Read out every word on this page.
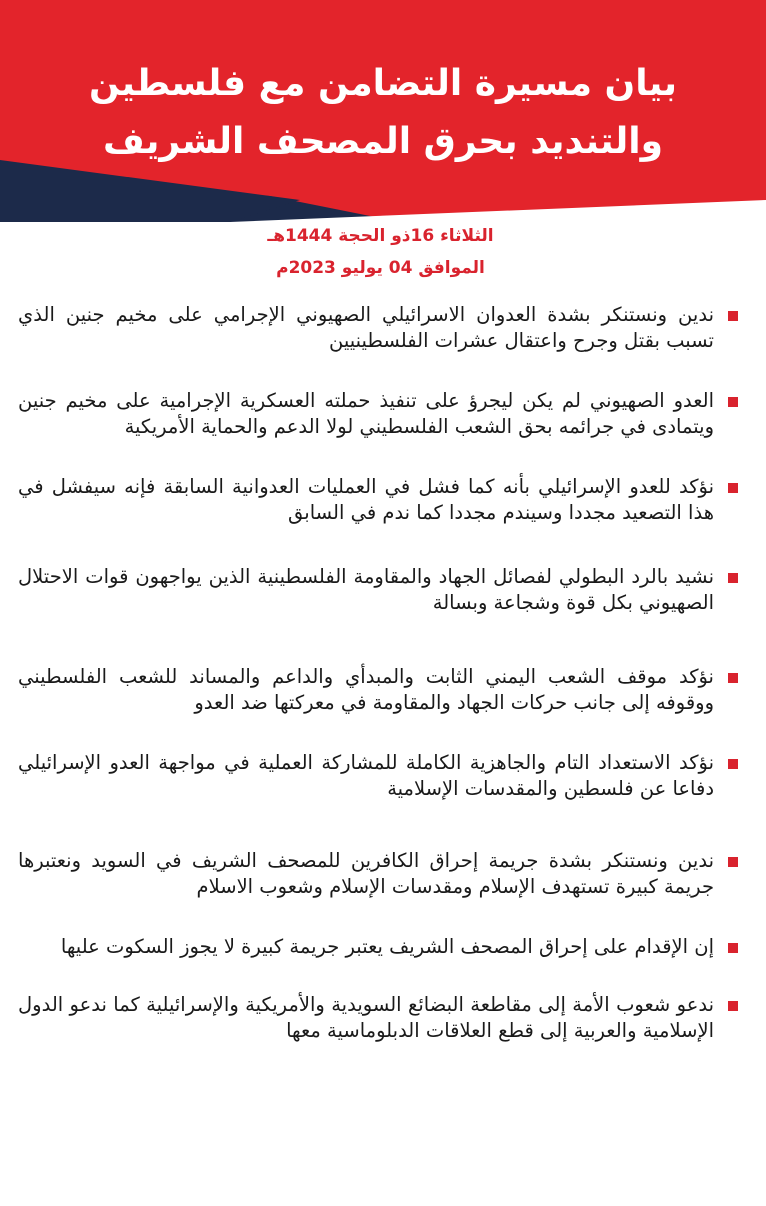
بيان مسيرة التضامن مع فلسطين
والتنديد بحرق المصحف الشريف
الثلاثاء 16ذو الحجة 1444هـ
الموافق 04 يوليو 2023م
ندين ونستنكر بشدة العدوان الاسرائيلي الصهيوني الإجرامي على مخيم جنين الذي تسبب بقتل وجرح واعتقال عشرات الفلسطينيين
العدو الصهيوني لم يكن ليجرؤ على تنفيذ حملته العسكرية الإجرامية على مخيم جنين ويتمادى في جرائمه بحق الشعب الفلسطيني لولا الدعم والحماية الأمريكية
نؤكد للعدو الإسرائيلي بأنه كما فشل في العمليات العدوانية السابقة فإنه سيفشل في هذا التصعيد مجددا وسيندم مجددا كما ندم في السابق
نشيد بالرد البطولي لفصائل الجهاد والمقاومة الفلسطينية الذين يواجهون قوات الاحتلال الصهيوني بكل قوة وشجاعة وبسالة
نؤكد موقف الشعب اليمني الثابت والمبدأي والداعم والمساند للشعب الفلسطيني ووقوفه إلى جانب حركات الجهاد والمقاومة في معركتها ضد العدو
نؤكد الاستعداد التام والجاهزية الكاملة للمشاركة العملية في مواجهة العدو الإسرائيلي دفاعا عن فلسطين والمقدسات الإسلامية
ندين ونستنكر بشدة جريمة إحراق الكافرين للمصحف الشريف في السويد ونعتبرها جريمة كبيرة تستهدف الإسلام ومقدسات الإسلام وشعوب الاسلام
إن الإقدام على إحراق المصحف الشريف يعتبر جريمة كبيرة لا يجوز السكوت عليها
ندعو شعوب الأمة إلى مقاطعة البضائع السويدية والأمريكية والإسرائيلية كما ندعو الدول الإسلامية والعربية إلى قطع العلاقات الدبلوماسية معها
